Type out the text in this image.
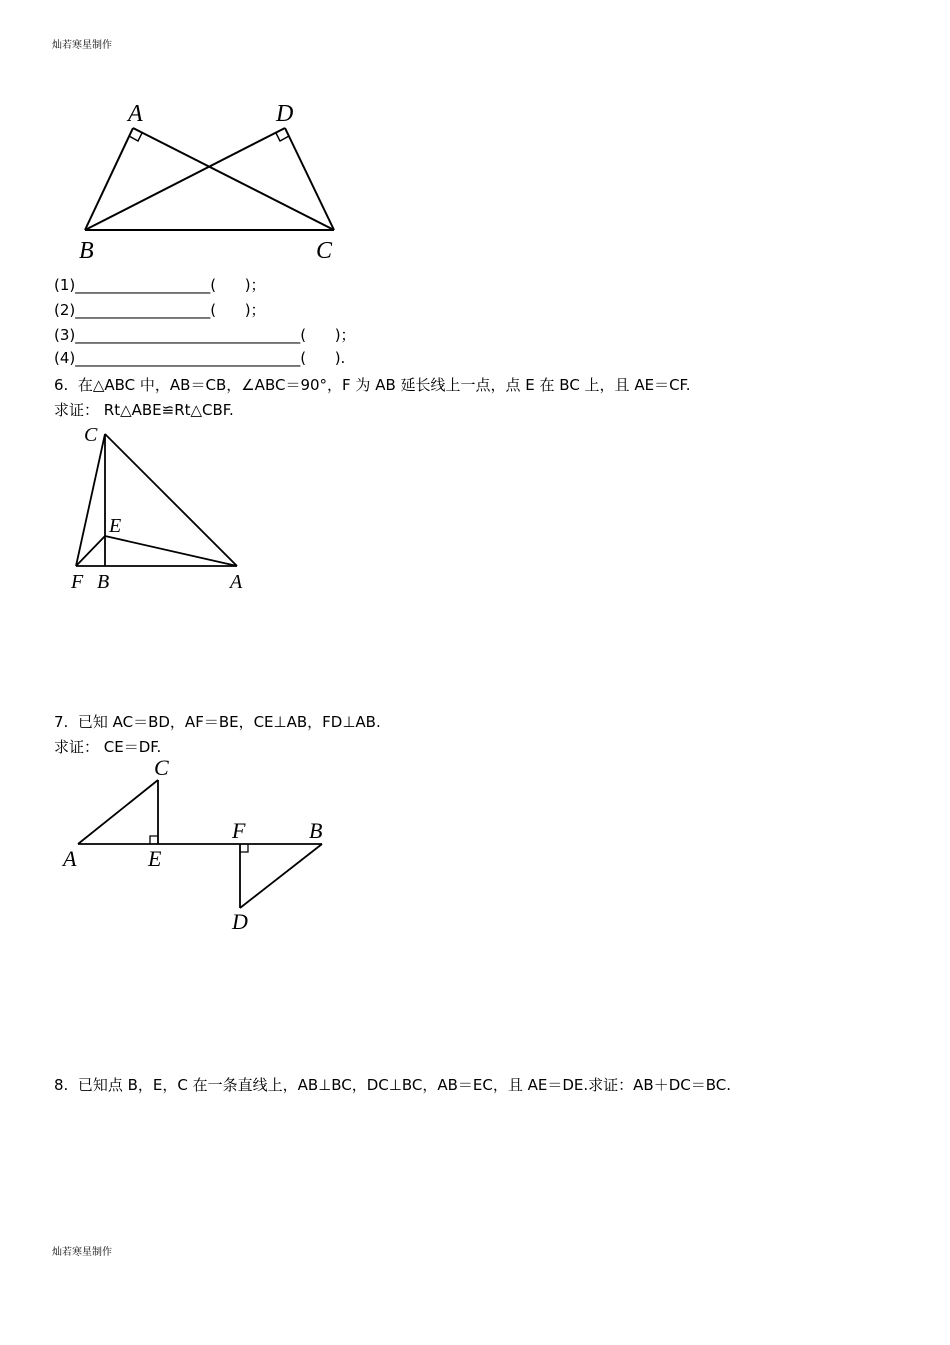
灿若寒星制作
A	D
B	C
(1)__________________(      )；
(2)__________________(      )；
(3)______________________________(      )；
(4)______________________________(      ).
6.  在△ABC 中，AB＝CB，∠ABC＝90°，F 为 AB 延长线上一点，点 E 在 BC 上，且 AE＝CF.
求证： Rt△ABE≌Rt△CBF.
C
E
F B	A
7.  已知 AC＝BD，AF＝BE，CE⊥AB，FD⊥AB.
求证： CE＝DF.
C
F	B
A	E
D
8.  已知点 B，E，C 在一条直线上，AB⊥BC，DC⊥BC，AB＝EC，且 AE＝DE.求证：AB＋DC＝BC.
灿若寒星制作
